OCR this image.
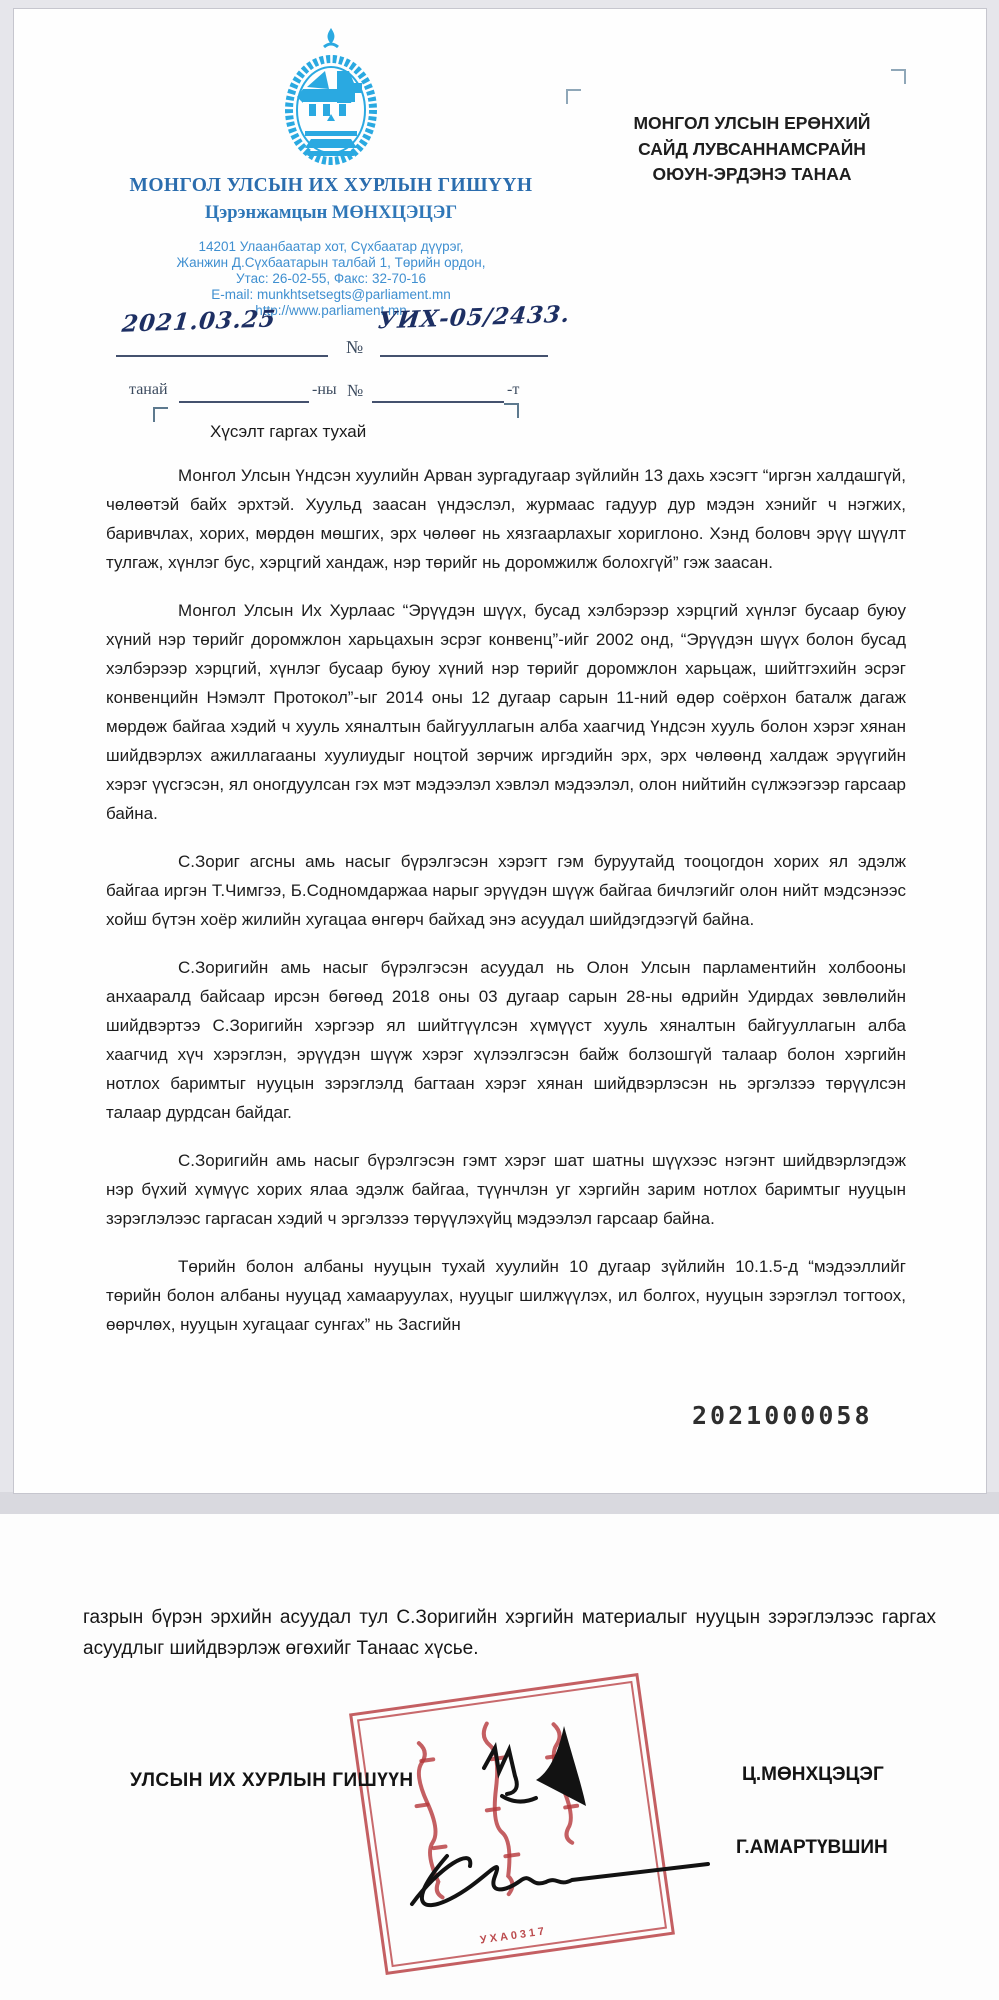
МОНГОЛ УЛСЫН ИХ ХУРЛЫН ГИШҮҮН
Цэрэнжамцын МӨНХЦЭЦЭГ
14201 Улаанбаатар хот, Сүхбаатар дүүрэг,
Жанжин Д.Сүхбаатарын талбай 1, Төрийн ордон,
Утас: 26-02-55, Факс: 32-70-16
E-mail: munkhtsetsegts@parliament.mn
http://www.parliament.mn
№
2021.03.25	УИХ-05/2433.
танай	-ны №	-т
МОНГОЛ УЛСЫН ЕРӨНХИЙ
САЙД ЛУВСАННАМСРАЙН
ОЮУН-ЭРДЭНЭ ТАНАА
Хүсэлт гаргах тухай

Монгол Улсын Үндсэн хуулийн Арван зургадугаар зүйлийн 13 дахь хэсэгт “иргэн халдашгүй, чөлөөтэй байх эрхтэй. Хуульд заасан үндэслэл, журмаас гадуур дур мэдэн хэнийг ч нэгжих, баривчлах, хорих, мөрдөн мөшгих, эрх чөлөөг нь хязгаарлахыг хориглоно. Хэнд боловч эрүү шүүлт тулгаж, хүнлэг бус, хэрцгий хандаж, нэр төрийг нь доромжилж болохгүй” гэж заасан.

Монгол Улсын Их Хурлаас “Эрүүдэн шүүх, бусад хэлбэрээр хэрцгий хүнлэг бусаар буюу хүний нэр төрийг доромжлон харьцахын эсрэг конвенц”-ийг 2002 онд, “Эрүүдэн шүүх болон бусад хэлбэрээр хэрцгий, хүнлэг бусаар буюу хүний нэр төрийг доромжлон харьцаж, шийтгэхийн эсрэг конвенцийн Нэмэлт Протокол”-ыг 2014 оны 12 дугаар сарын 11-ний өдөр соёрхон баталж дагаж мөрдөж байгаа хэдий ч хууль хяналтын байгууллагын алба хаагчид Үндсэн хууль болон хэрэг хянан шийдвэрлэх ажиллагааны хуулиудыг ноцтой зөрчиж иргэдийн эрх, эрх чөлөөнд халдаж эрүүгийн хэрэг үүсгэсэн, ял оногдуулсан гэх мэт мэдээлэл хэвлэл мэдээлэл, олон нийтийн сүлжээгээр гарсаар байна.

С.Зориг агсны амь насыг бүрэлгэсэн хэрэгт гэм буруутайд тооцогдон хорих ял эдэлж байгаа иргэн Т.Чимгээ, Б.Содномдаржаа нарыг эрүүдэн шүүж байгаа бичлэгийг олон нийт мэдсэнээс хойш бүтэн хоёр жилийн хугацаа өнгөрч байхад энэ асуудал шийдэгдээгүй байна.

С.Зоригийн амь насыг бүрэлгэсэн асуудал нь Олон Улсын парламентийн холбооны анхааралд байсаар ирсэн бөгөөд 2018 оны 03 дугаар сарын 28-ны өдрийн Удирдах зөвлөлийн шийдвэртээ С.Зоригийн хэргээр ял шийтгүүлсэн хүмүүст хууль хяналтын байгууллагын алба хаагчид хүч хэрэглэн, эрүүдэн шүүж хэрэг хүлээлгэсэн байж болзошгүй талаар болон хэргийн нотлох баримтыг нууцын зэрэглэлд багтаан хэрэг хянан шийдвэрлэсэн нь эргэлзээ төрүүлсэн талаар дурдсан байдаг.

С.Зоригийн амь насыг бүрэлгэсэн гэмт хэрэг шат шатны шүүхээс нэгэнт шийдвэрлэгдэж нэр бүхий хүмүүс хорих ялаа эдэлж байгаа, түүнчлэн уг хэргийн зарим нотлох баримтыг нууцын зэрэглэлээс гаргасан хэдий ч эргэлзээ төрүүлэхүйц мэдээлэл гарсаар байна.

Төрийн болон албаны нууцын тухай хуулийн 10 дугаар зүйлийн 10.1.5-д “мэдээллийг төрийн болон албаны нууцад хамааруулах, нууцыг шилжүүлэх, ил болгох, нууцын зэрэглэл тогтоох, өөрчлөх, нууцын хугацааг сунгах” нь Засгийн

2021000058
газрын бүрэн эрхийн асуудал тул С.Зоригийн хэргийн материалыг нууцын зэрэглэлээс гаргах асуудлыг шийдвэрлэж өгөхийг Танаас хүсье.
УХА0317
УЛСЫН ИХ ХУРЛЫН ГИШҮҮН	Ц.МӨНХЦЭЦЭГ
Г.АМАРТҮВШИН
